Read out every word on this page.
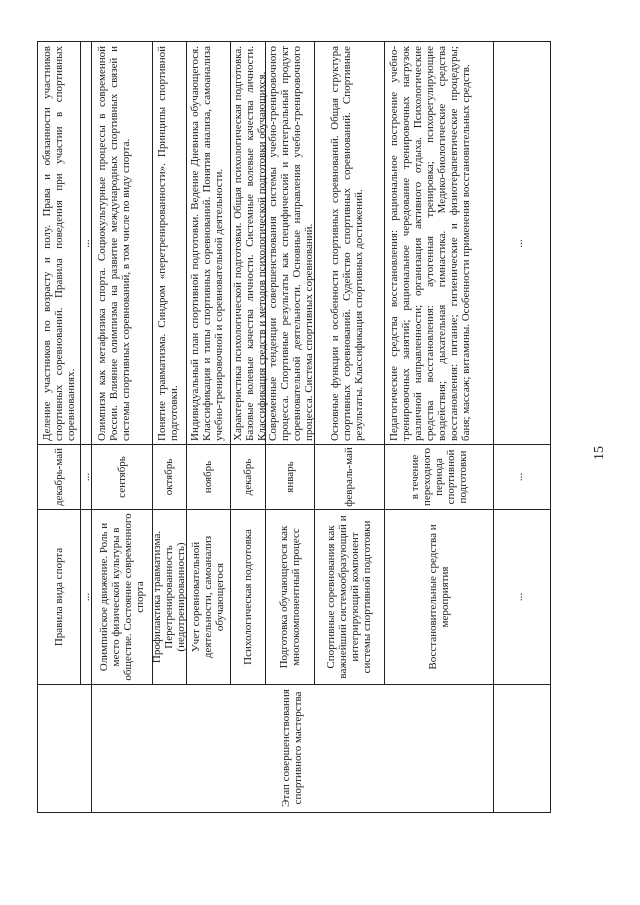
15
Этап совершенствования спортивного мастерства

Правила вида спорта
декабрь-май
Деление участников по возрасту и полу. Права и обязанности участников спортивных соревнований. Правила поведения при участии в спортивных соревнованиях.
...
...
...
Олимпийское движение. Роль и место физической культуры в обществе. Состояние современного спорта
сентябрь
Олимпизм как метафизика спорта. Социокультурные процессы в современной России. Влияние олимпизма на развитие международных спортивных связей и системы спортивных соревнований, в том числе по виду спорта.
Профилактика травматизма. Перетренированность (недотренированность)
октябрь
Понятие травматизма. Синдром «перетренированности». Принципы спортивной подготовки.
Учет соревновательной деятельности, самоанализ обучающегося
ноябрь
Индивидуальный план спортивной подготовки. Ведение Дневника обучающегося. Классификация и типы спортивных соревнований. Понятия анализа, самоанализа учебно-тренировочной и соревновательной деятельности.
Психологическая подготовка
декабрь
Характеристика психологической подготовки. Общая психологическая подготовка. Базовые волевые качества личности. Системные волевые качества личности. Классификация средств и методов психологической подготовки обучающихся.
Подготовка обучающегося как многокомпонентный процесс
январь
Современные тенденции совершенствования системы учебно-тренировочного процесса. Спортивные результаты как специфический и интегральный продукт соревновательной деятельности. Основные направления учебно-тренировочного процесса. Система спортивных соревнований.
Спортивные соревнования как важнейший системообразующий и интегрирующий компонент системы спортивной подготовки
февраль-май
Основные функции и особенности спортивных соревнований. Общая структура спортивных соревнований. Судейство спортивных соревнований. Спортивные результаты. Классификация спортивных достижений.
Восстановительные средства и мероприятия
в течение переходного периода спортивной подготовки
Педагогические средства восстановления: рациональное построение учебно-тренировочных занятий; рациональное чередование тренировочных нагрузок различной направленности; организация активного отдыха. Психологические средства восстановления: аутогенная тренировка; психорегулирующие воздействия; дыхательная гимнастика. Медико-биологические средства восстановления: питание; гигиенические и физиотерапевтические процедуры; баня; массаж; витамины. Особенности применения восстановительных средств.
...
...
...
